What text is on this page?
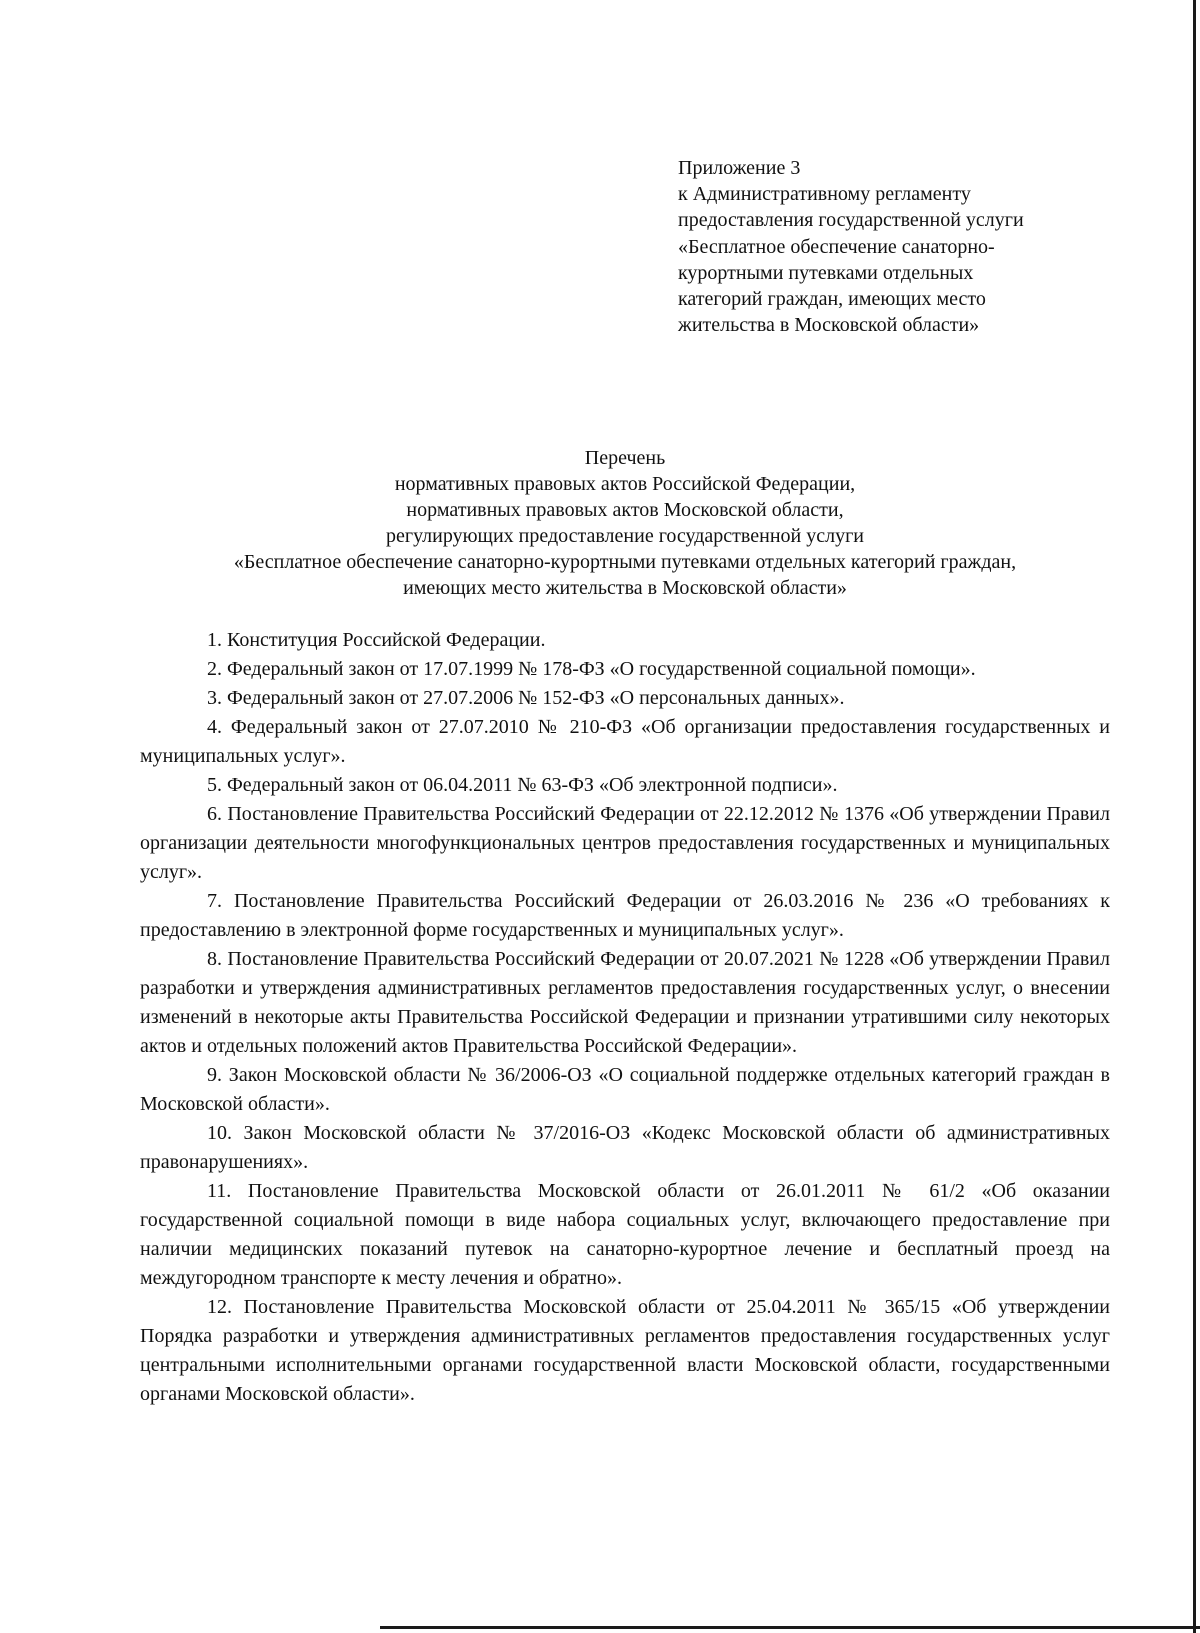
Приложение 3
к Административному регламенту
предоставления государственной услуги
«Бесплатное обеспечение санаторно-
курортными путевками отдельных
категорий граждан, имеющих место
жительства в Московской области»
Перечень
нормативных правовых актов Российской Федерации,
нормативных правовых актов Московской области,
регулирующих предоставление государственной услуги
«Бесплатное обеспечение санаторно-курортными путевками отдельных категорий граждан,
имеющих место жительства в Московской области»
1. Конституция Российской Федерации.
2. Федеральный закон от 17.07.1999 № 178-ФЗ «О государственной социальной помощи».
3. Федеральный закон от 27.07.2006 № 152-ФЗ «О персональных данных».
4. Федеральный закон от 27.07.2010 № 210-ФЗ «Об организации предоставления государственных и муниципальных услуг».
5. Федеральный закон от 06.04.2011 № 63-ФЗ «Об электронной подписи».
6. Постановление Правительства Российский Федерации от 22.12.2012 № 1376 «Об утверждении Правил организации деятельности многофункциональных центров предоставления государственных и муниципальных услуг».
7. Постановление Правительства Российский Федерации от 26.03.2016 № 236 «О требованиях к предоставлению в электронной форме государственных и муниципальных услуг».
8. Постановление Правительства Российский Федерации от 20.07.2021 № 1228 «Об утверждении Правил разработки и утверждения административных регламентов предоставления государственных услуг, о внесении изменений в некоторые акты Правительства Российской Федерации и признании утратившими силу некоторых актов и отдельных положений актов Правительства Российской Федерации».
9. Закон Московской области № 36/2006-ОЗ «О социальной поддержке отдельных категорий граждан в Московской области».
10. Закон Московской области № 37/2016-ОЗ «Кодекс Московской области об административных правонарушениях».
11. Постановление Правительства Московской области от 26.01.2011 № 61/2 «Об оказании государственной социальной помощи в виде набора социальных услуг, включающего предоставление при наличии медицинских показаний путевок на санаторно-курортное лечение и бесплатный проезд на междугородном транспорте к месту лечения и обратно».
12. Постановление Правительства Московской области от 25.04.2011 № 365/15 «Об утверждении Порядка разработки и утверждения административных регламентов предоставления государственных услуг центральными исполнительными органами государственной власти Московской области, государственными органами Московской области».
